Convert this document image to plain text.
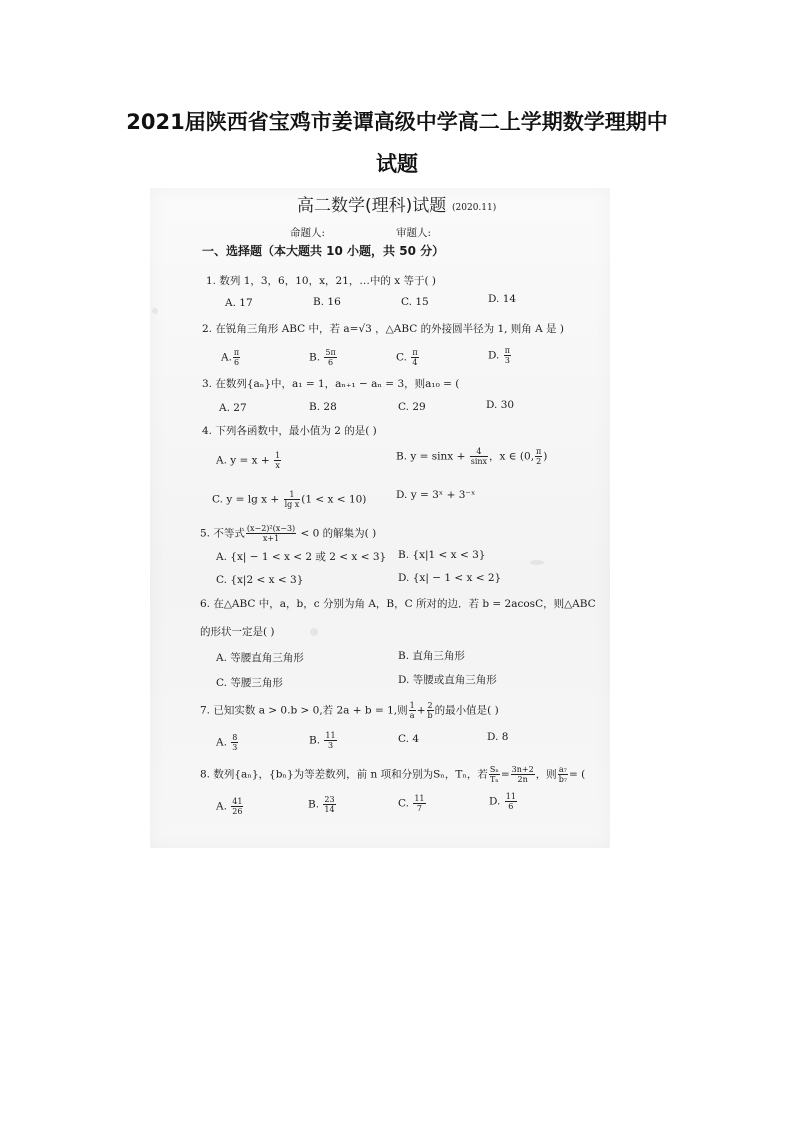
2021届陕西省宝鸡市姜谭高级中学高二上学期数学理期中
试题
高二数学(理科)试题 (2020.11)
命题人:	审题人:
一、选择题（本大题共 10 小题，共 50 分）
1. 数列 1，3，6，10，x，21，…中的 x 等于( )
A. 17	B. 16	C. 15	D. 14
2. 在锐角三角形 ABC 中，若 a=√3 ，△ABC 的外接圆半径为 1, 则角 A 是 )
A. $\frac{\pi}{6}$	B. $\frac{5\pi}{6}$	C. $\frac{\pi}{4}$	D. $\frac{\pi}{3}$
3. 在数列{aₙ}中，a₁ = 1，aₙ₊₁ − aₙ = 3，则a₁₀ = (
A. 27	B. 28	C. 29	D. 30
4. 下列各函数中，最小值为 2 的是( )
A. $y = x + \frac{1}{x}$	B. $y = \sin x + \frac{4}{\sin x}$ ，x ∈ (0, $\frac{\pi}{2}$ )
C. $y = \lg x + \frac{1}{\text{lg x}} (1 < x < 10)$	D. y = 3ˣ + 3⁻ˣ
5. 不等式 $\frac{\text{(x−2)²(x−3)}}{x+1} < 0$ 的解集为( )
A. {x| − 1 < x < 2 或 2 < x < 3} B. {x|1 < x < 3}
C. {x|2 < x < 3}	D. {x| − 1 < x < 2}
6. 在△ABC 中，a，b，c 分别为角 A，B，C 所对的边．若 b = 2acosC，则△ABC
的形状一定是( )
A. 等腰直角三角形	B. 直角三角形
C. 等腰三角形	D. 等腰或直角三角形
7. 已知实数 a > 0.b > 0,若 2a + b = 1,则 $\frac{1}{a} + \frac{2}{b}$ 的最小值是( )
A. $\frac{8}{3}$	B. $\frac{11}{3}$	C. 4	D. 8
8. 数列{aₙ}，{bₙ}为等差数列，前 n 项和分别为Sₙ，Tₙ，若 $\frac{\text{Sₙ}}{\text{Tₙ}} = \frac{3n+2}{2n}$ ，则 $\frac{\text{a₇}}{\text{b₇}}$ = (
A. $\frac{41}{26}$	B. $\frac{23}{14}$	C. $\frac{11}{7}$	D. $\frac{11}{6}$
